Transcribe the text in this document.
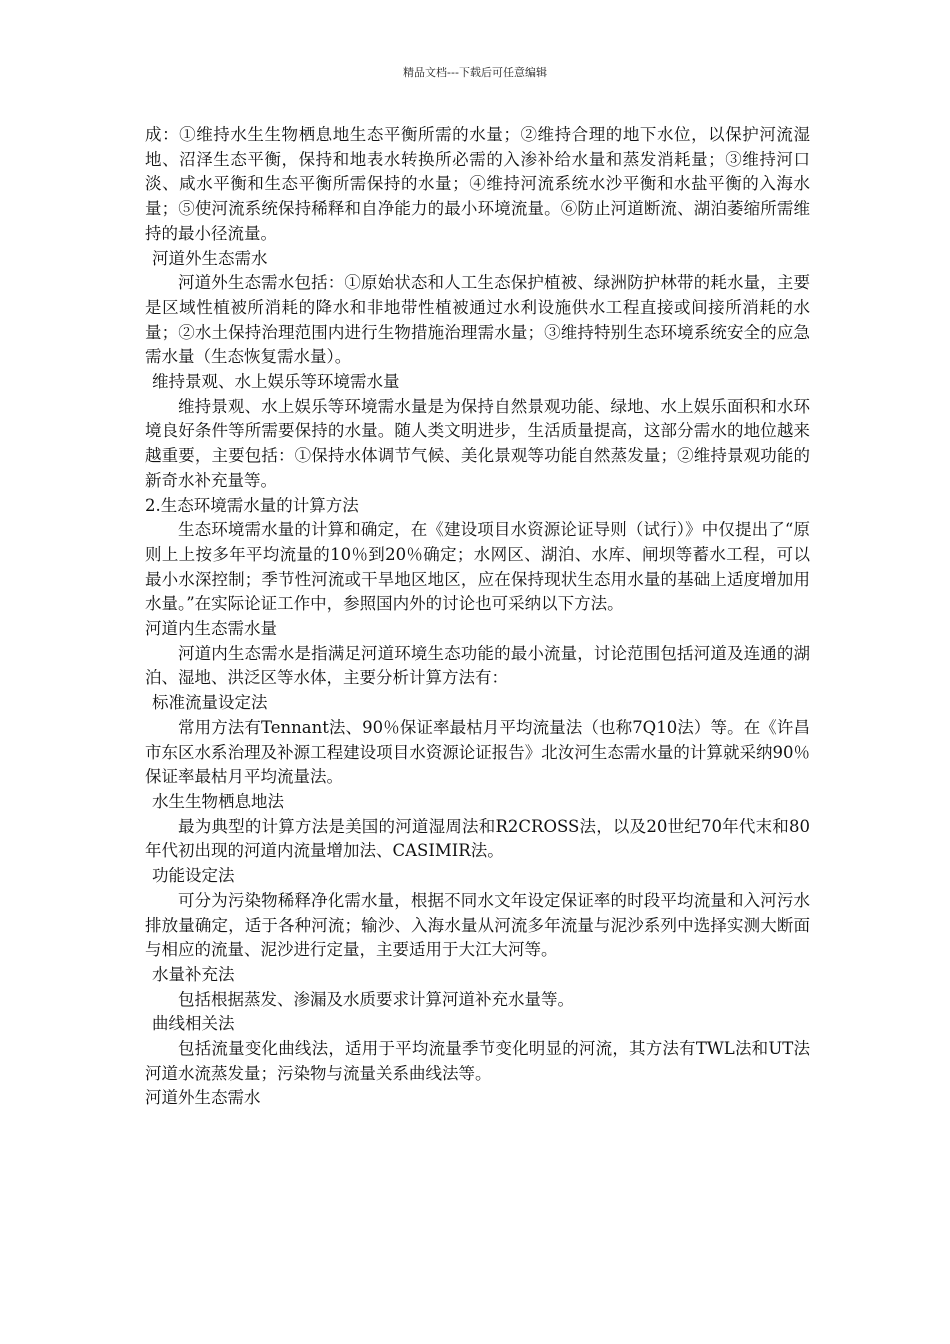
精品文档---下载后可任意编辑

成：①维持水生生物栖息地生态平衡所需的水量；②维持合理的地下水位，以保护河流湿地、沼泽生态平衡，保持和地表水转换所必需的入渗补给水量和蒸发消耗量；③维持河口淡、咸水平衡和生态平衡所需保持的水量；④维持河流系统水沙平衡和水盐平衡的入海水量；⑤使河流系统保持稀释和自净能力的最小环境流量。⑥防止河道断流、湖泊萎缩所需维持的最小径流量。

河道外生态需水

河道外生态需水包括：①原始状态和人工生态保护植被、绿洲防护林带的耗水量，主要是区域性植被所消耗的降水和非地带性植被通过水利设施供水工程直接或间接所消耗的水量；②水土保持治理范围内进行生物措施治理需水量；③维持特别生态环境系统安全的应急需水量（生态恢复需水量）。

维持景观、水上娱乐等环境需水量

维持景观、水上娱乐等环境需水量是为保持自然景观功能、绿地、水上娱乐面积和水环境良好条件等所需要保持的水量。随人类文明进步，生活质量提高，这部分需水的地位越来越重要，主要包括：①保持水体调节气候、美化景观等功能自然蒸发量；②维持景观功能的新奇水补充量等。

2.生态环境需水量的计算方法

生态环境需水量的计算和确定，在《建设项目水资源论证导则（试行）》中仅提出了“原则上上按多年平均流量的10％到20％确定；水网区、湖泊、水库、闸坝等蓄水工程，可以最小水深控制；季节性河流或干旱地区地区，应在保持现状生态用水量的基础上适度增加用水量。”在实际论证工作中，参照国内外的讨论也可采纳以下方法。

河道内生态需水量

河道内生态需水是指满足河道环境生态功能的最小流量，讨论范围包括河道及连通的湖泊、湿地、洪泛区等水体，主要分析计算方法有：

标准流量设定法

常用方法有Tennant法、90％保证率最枯月平均流量法（也称7Q10法）等。在《许昌市东区水系治理及补源工程建设项目水资源论证报告》北汝河生态需水量的计算就采纳90％保证率最枯月平均流量法。

水生生物栖息地法

最为典型的计算方法是美国的河道湿周法和R2CROSS法，以及20世纪70年代末和80年代初出现的河道内流量增加法、CASIMIR法。

功能设定法

可分为污染物稀释净化需水量，根据不同水文年设定保证率的时段平均流量和入河污水排放量确定，适于各种河流；输沙、入海水量从河流多年流量与泥沙系列中选择实测大断面与相应的流量、泥沙进行定量，主要适用于大江大河等。

水量补充法

包括根据蒸发、渗漏及水质要求计算河道补充水量等。

曲线相关法

包括流量变化曲线法，适用于平均流量季节变化明显的河流，其方法有TWL法和UT法河道水流蒸发量；污染物与流量关系曲线法等。

河道外生态需水
